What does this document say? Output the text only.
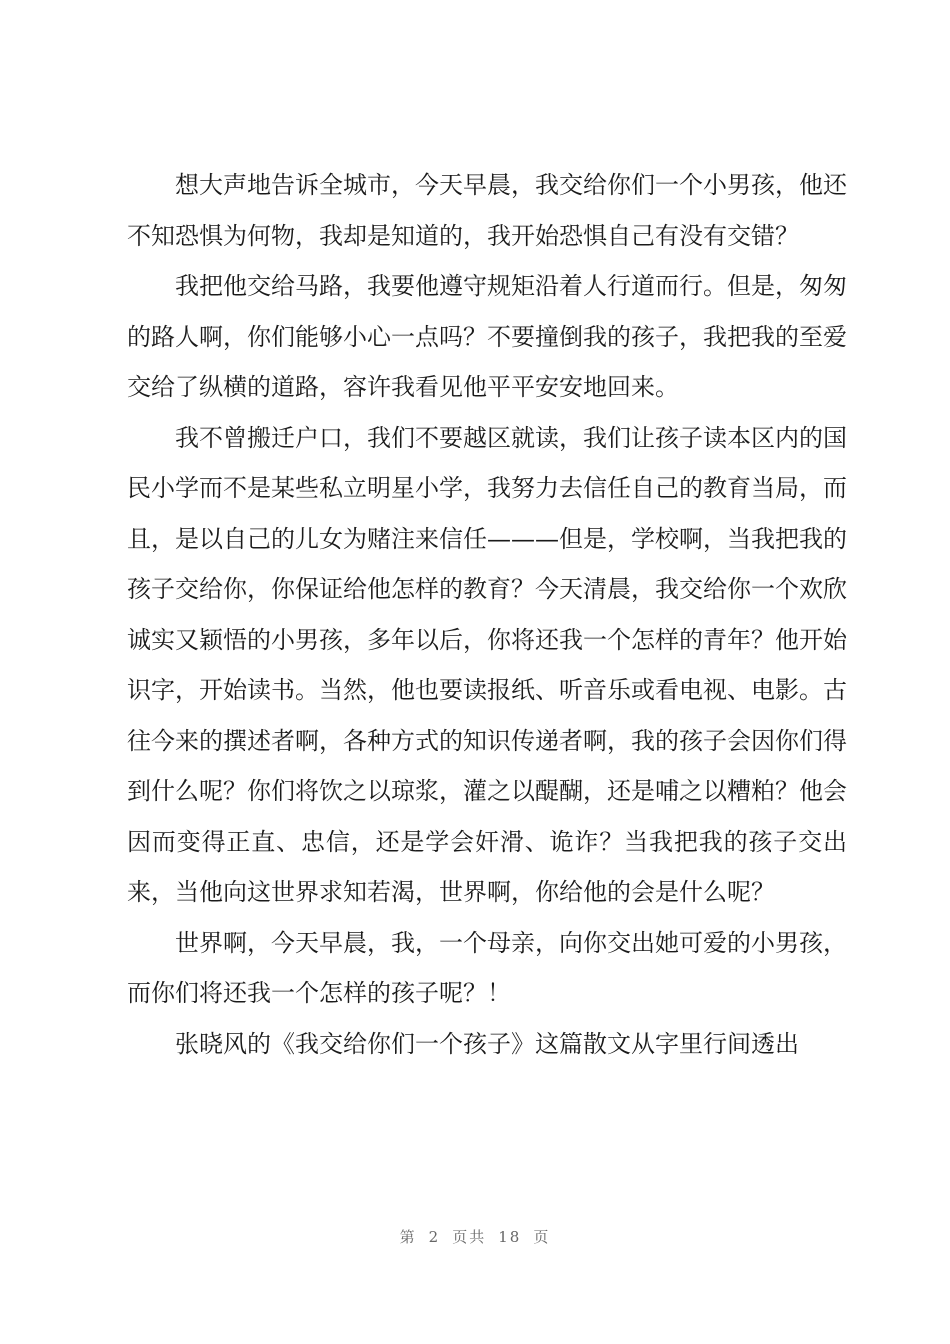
想大声地告诉全城市，今天早晨，我交给你们一个小男孩，他还不知恐惧为何物，我却是知道的，我开始恐惧自己有没有交错？

我把他交给马路，我要他遵守规矩沿着人行道而行。但是，匆匆的路人啊，你们能够小心一点吗？不要撞倒我的孩子，我把我的至爱交给了纵横的道路，容许我看见他平平安安地回来。

我不曾搬迁户口，我们不要越区就读，我们让孩子读本区内的国民小学而不是某些私立明星小学，我努力去信任自己的教育当局，而且，是以自己的儿女为赌注来信任———但是，学校啊，当我把我的孩子交给你，你保证给他怎样的教育？今天清晨，我交给你一个欢欣诚实又颖悟的小男孩，多年以后，你将还我一个怎样的青年？他开始识字，开始读书。当然，他也要读报纸、听音乐或看电视、电影。古往今来的撰述者啊，各种方式的知识传递者啊，我的孩子会因你们得到什么呢？你们将饮之以琼浆，灌之以醍醐，还是哺之以糟粕？他会因而变得正直、忠信，还是学会奸滑、诡诈？当我把我的孩子交出来，当他向这世界求知若渴，世界啊，你给他的会是什么呢？

世界啊，今天早晨，我，一个母亲，向你交出她可爱的小男孩，而你们将还我一个怎样的孩子呢？！

张晓风的《我交给你们一个孩子》这篇散文从字里行间透出

第 2 页共 18 页
